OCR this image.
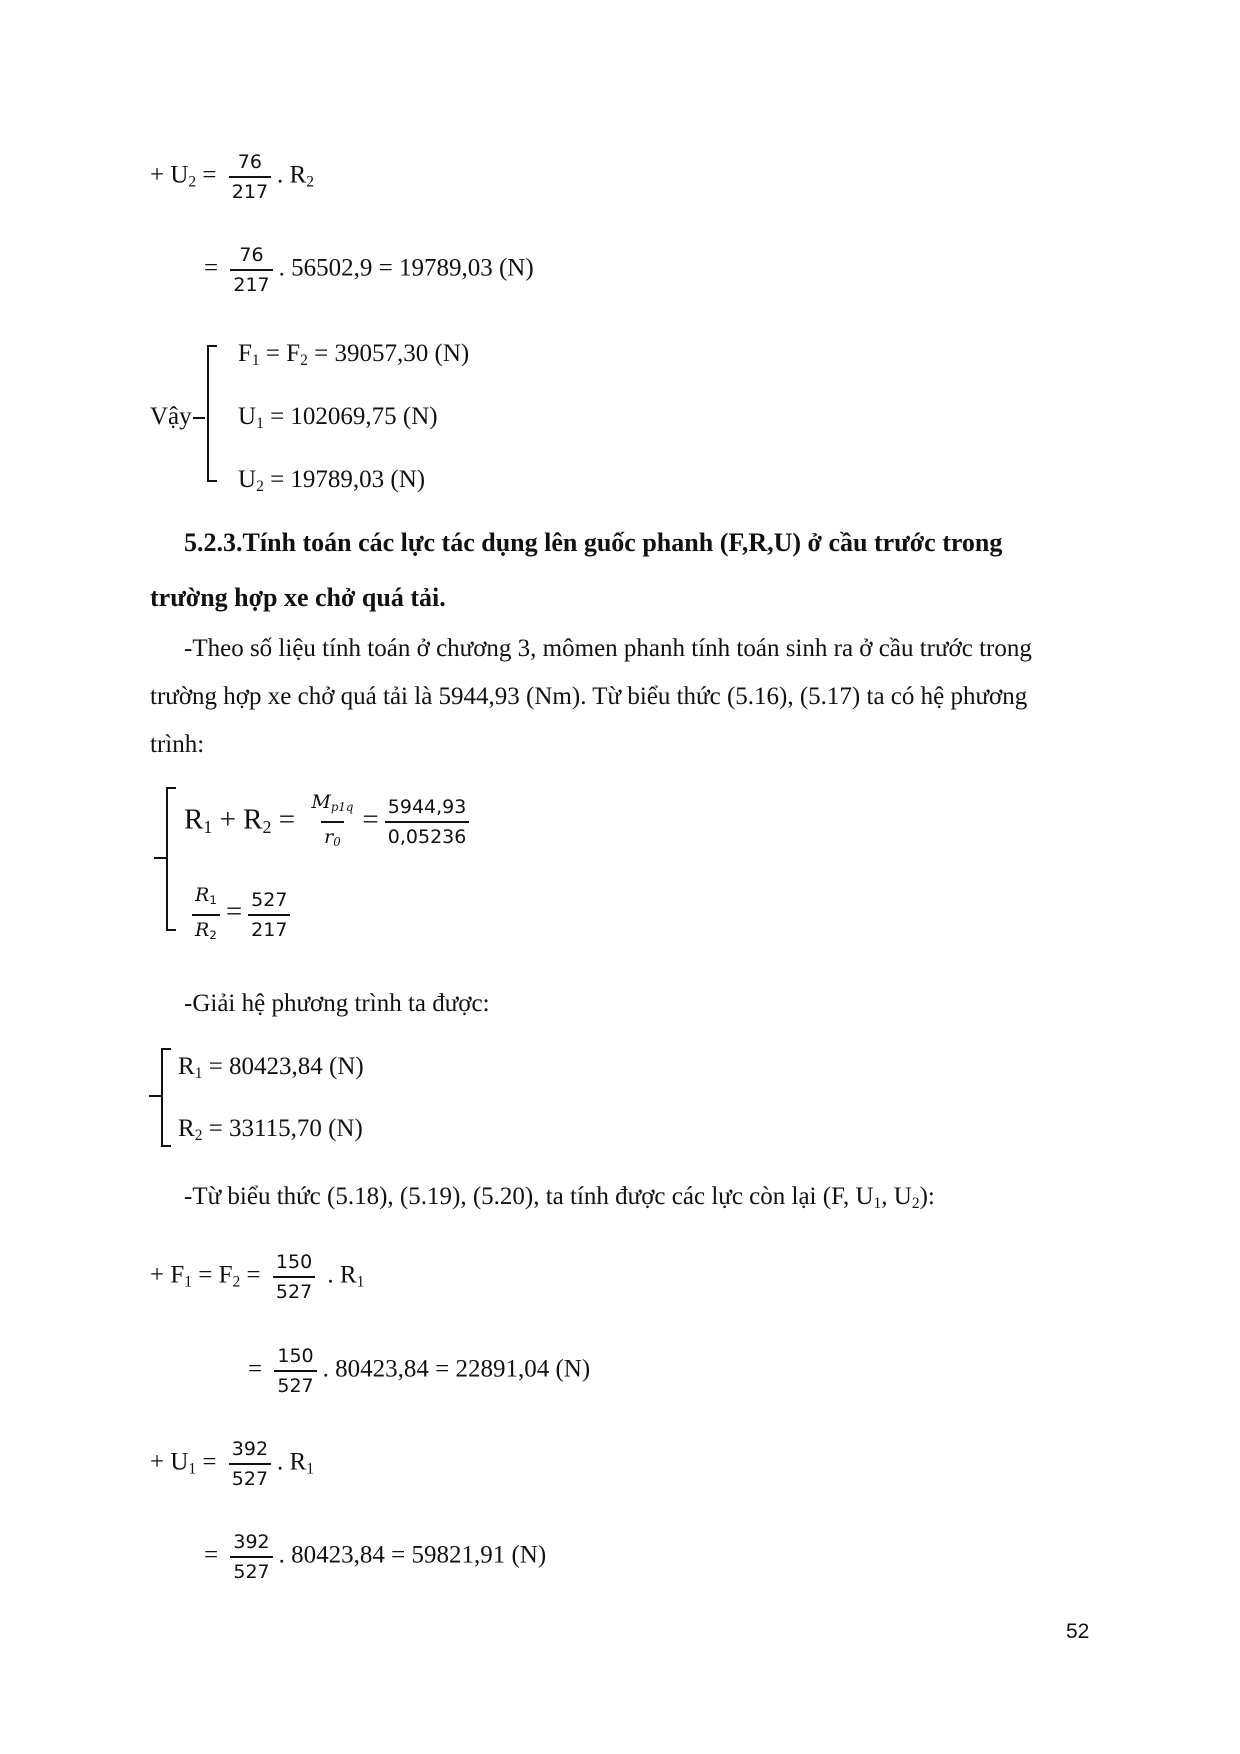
+ $U_2 = \frac{76}{217}$ . $R_2$
= $\frac{76}{217}$ . 56502,9 = 19789,03 (N)
Vậy
$F_1 = F_2 = 39057,30$ (N)
$U_1 = 102069,75$ (N)
$U_2 = 19789,03$ (N)
5.2.3.Tính toán các lực tác dụng lên guốc phanh (F,R,U) ở cầu trước trong
trường hợp xe chở quá tải.
-Theo số liệu tính toán ở chương 3, mômen phanh tính toán sinh ra ở cầu trước trong
trường hợp xe chở quá tải là 5944,93 (Nm). Từ biểu thức (5.16), (5.17) ta có hệ phương
trình:
$R_1 + R_2 = \frac{M_{p1q}}{r_0} = \frac{5944,93}{0,05236}$
$\frac{R_1}{R_2} = \frac{527}{217}$
-Giải hệ phương trình ta được:
$R_1 = 80423,84$ (N)
$R_2 = 33115,70$ (N)
-Từ biểu thức (5.18), (5.19), (5.20), ta tính được các lực còn lại (F, $U_1$, $U_2$):
+ $F_1 = F_2 = \frac{150}{527}$ . $R_1$
= $\frac{150}{527}$ . 80423,84 = 22891,04 (N)
+ $U_1 = \frac{392}{527}$ . $R_1$
= $\frac{392}{527}$ . 80423,84 = 59821,91 (N)
52
